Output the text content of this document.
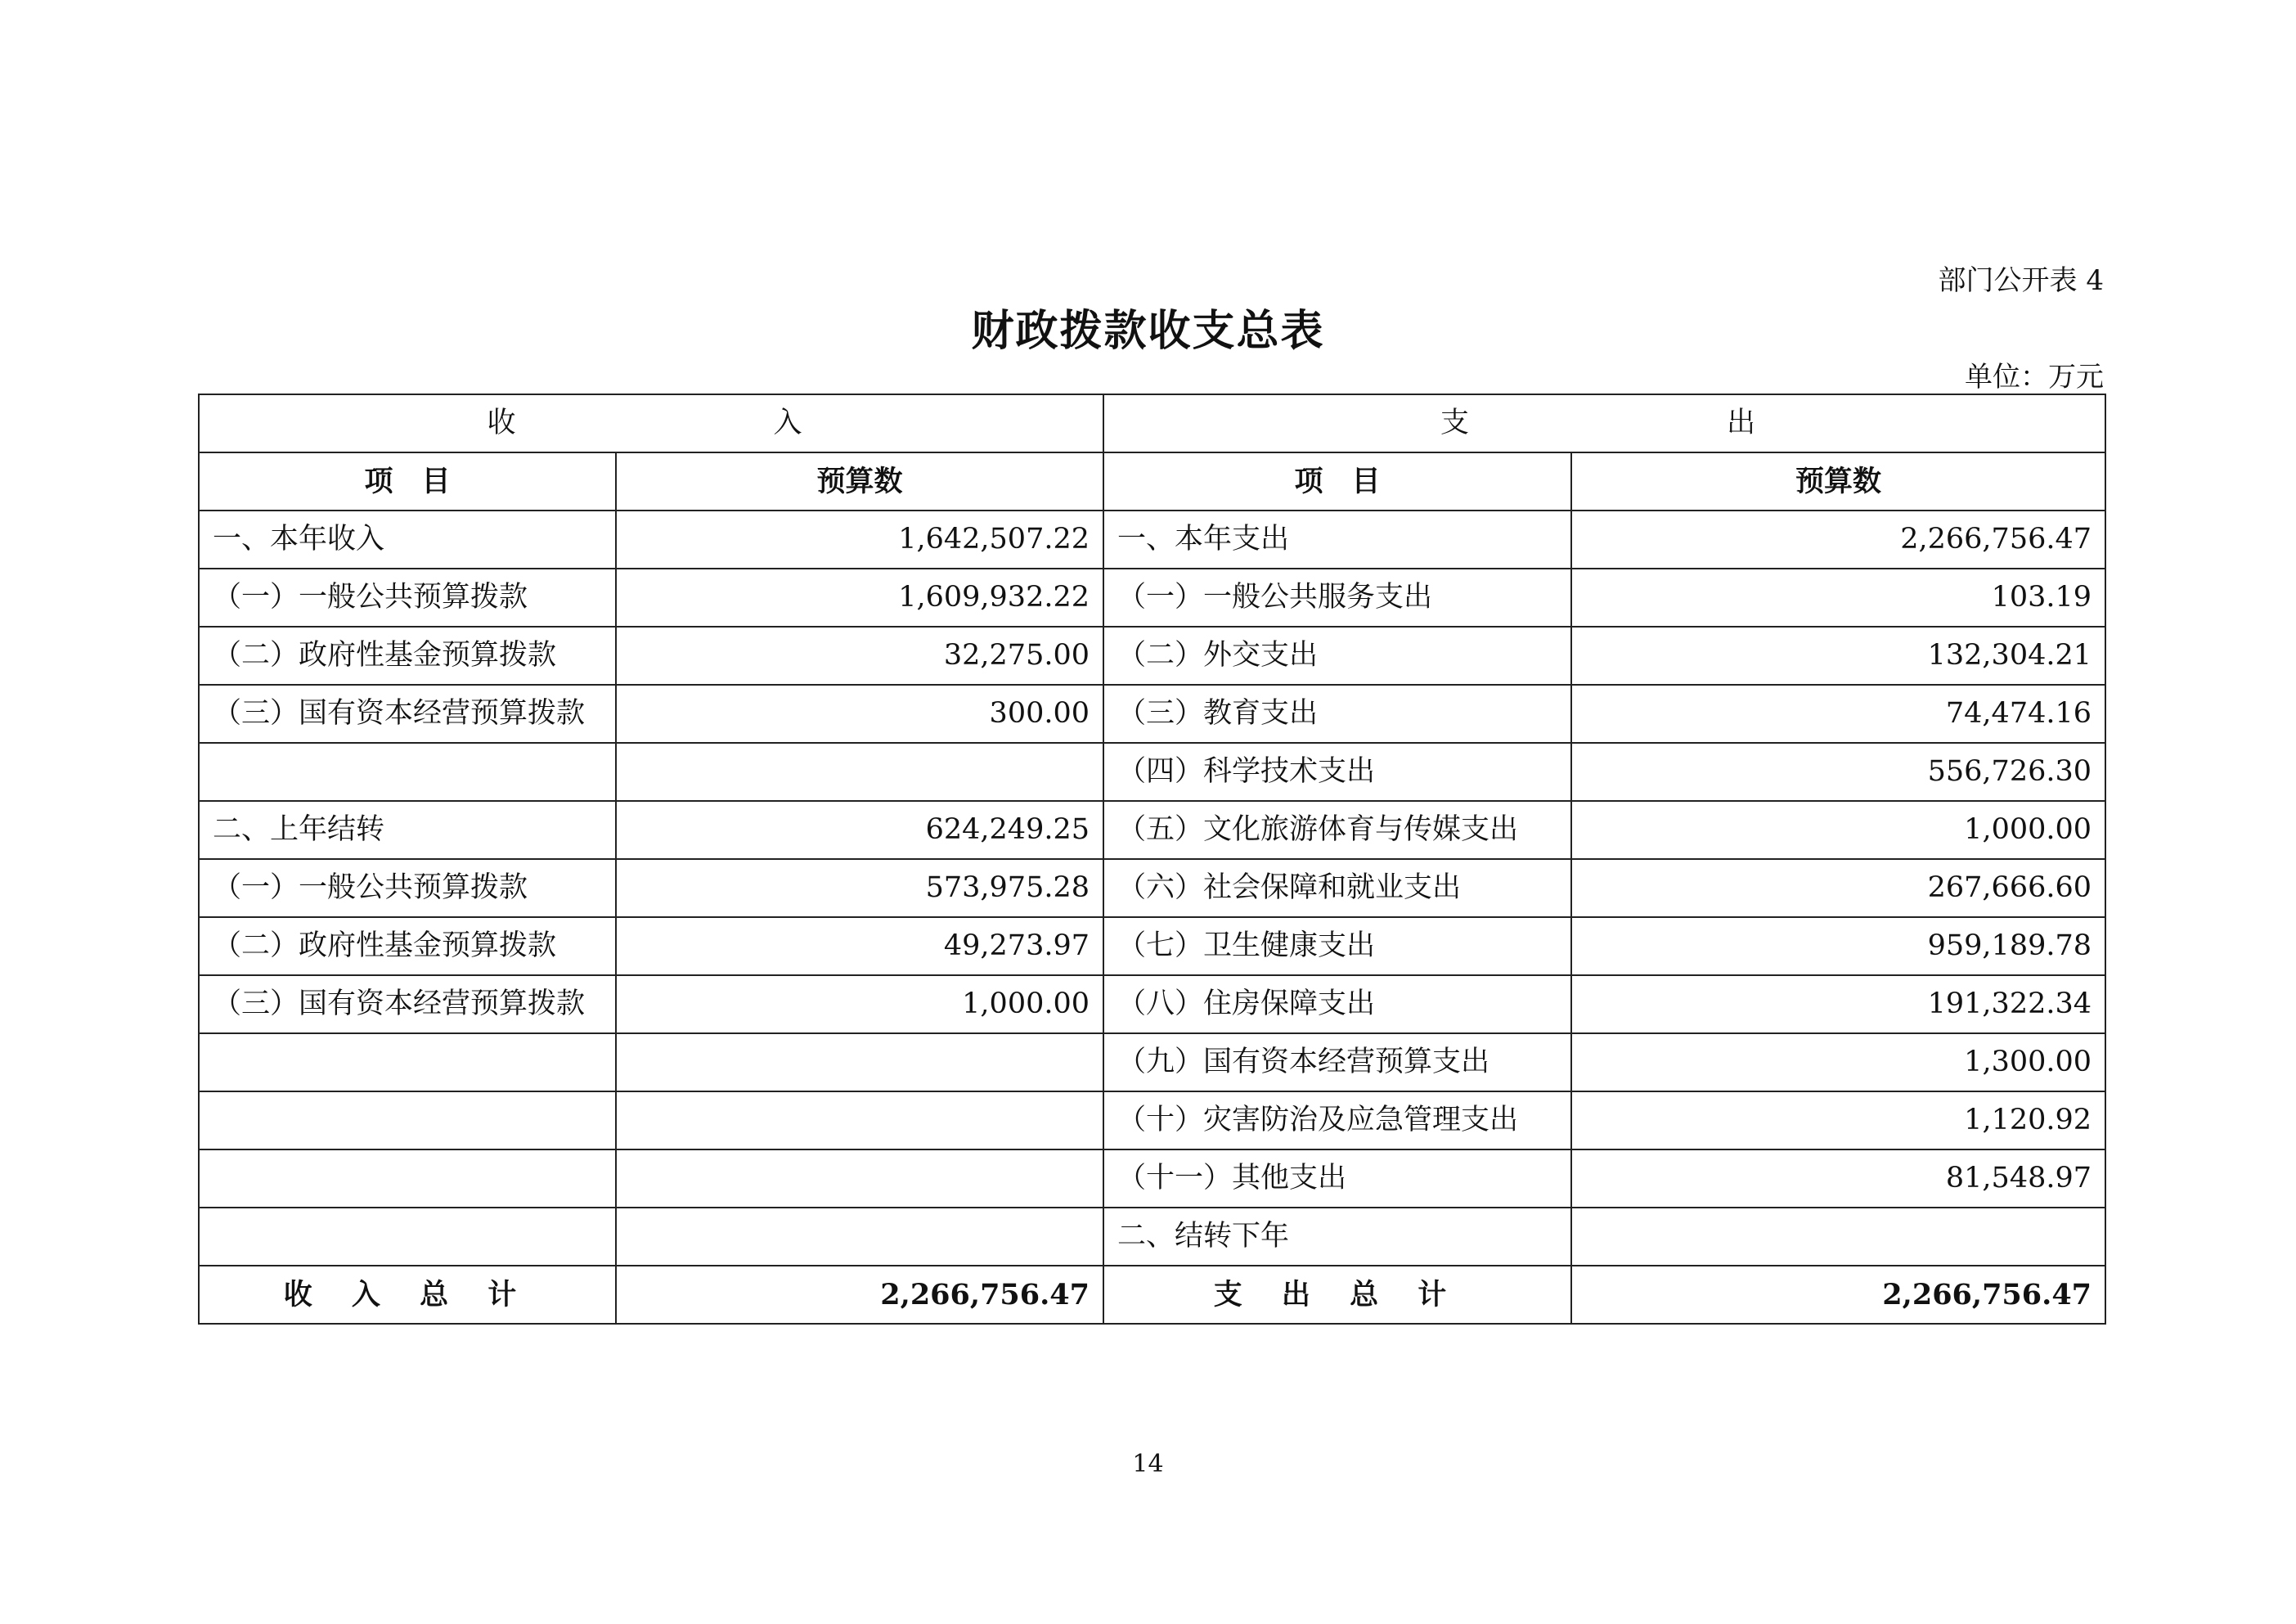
部门公开表 4
财政拨款收支总表
单位：万元
收　入		支　出	
项　目	预算数	项　目	预算数
一、本年收入	1,642,507.22	一、本年支出	2,266,756.47
（一）一般公共预算拨款	1,609,932.22	（一）一般公共服务支出	103.19
（二）政府性基金预算拨款	32,275.00	（二）外交支出	132,304.21
（三）国有资本经营预算拨款	300.00	（三）教育支出	74,474.16
		（四）科学技术支出	556,726.30
二、上年结转	624,249.25	（五）文化旅游体育与传媒支出	1,000.00
（一）一般公共预算拨款	573,975.28	（六）社会保障和就业支出	267,666.60
（二）政府性基金预算拨款	49,273.97	（七）卫生健康支出	959,189.78
（三）国有资本经营预算拨款	1,000.00	（八）住房保障支出	191,322.34
		（九）国有资本经营预算支出	1,300.00
		（十）灾害防治及应急管理支出	1,120.92
		（十一）其他支出	81,548.97
		二、结转下年	
收 入 总 计	2,266,756.47	支 出 总 计	2,266,756.47
14
